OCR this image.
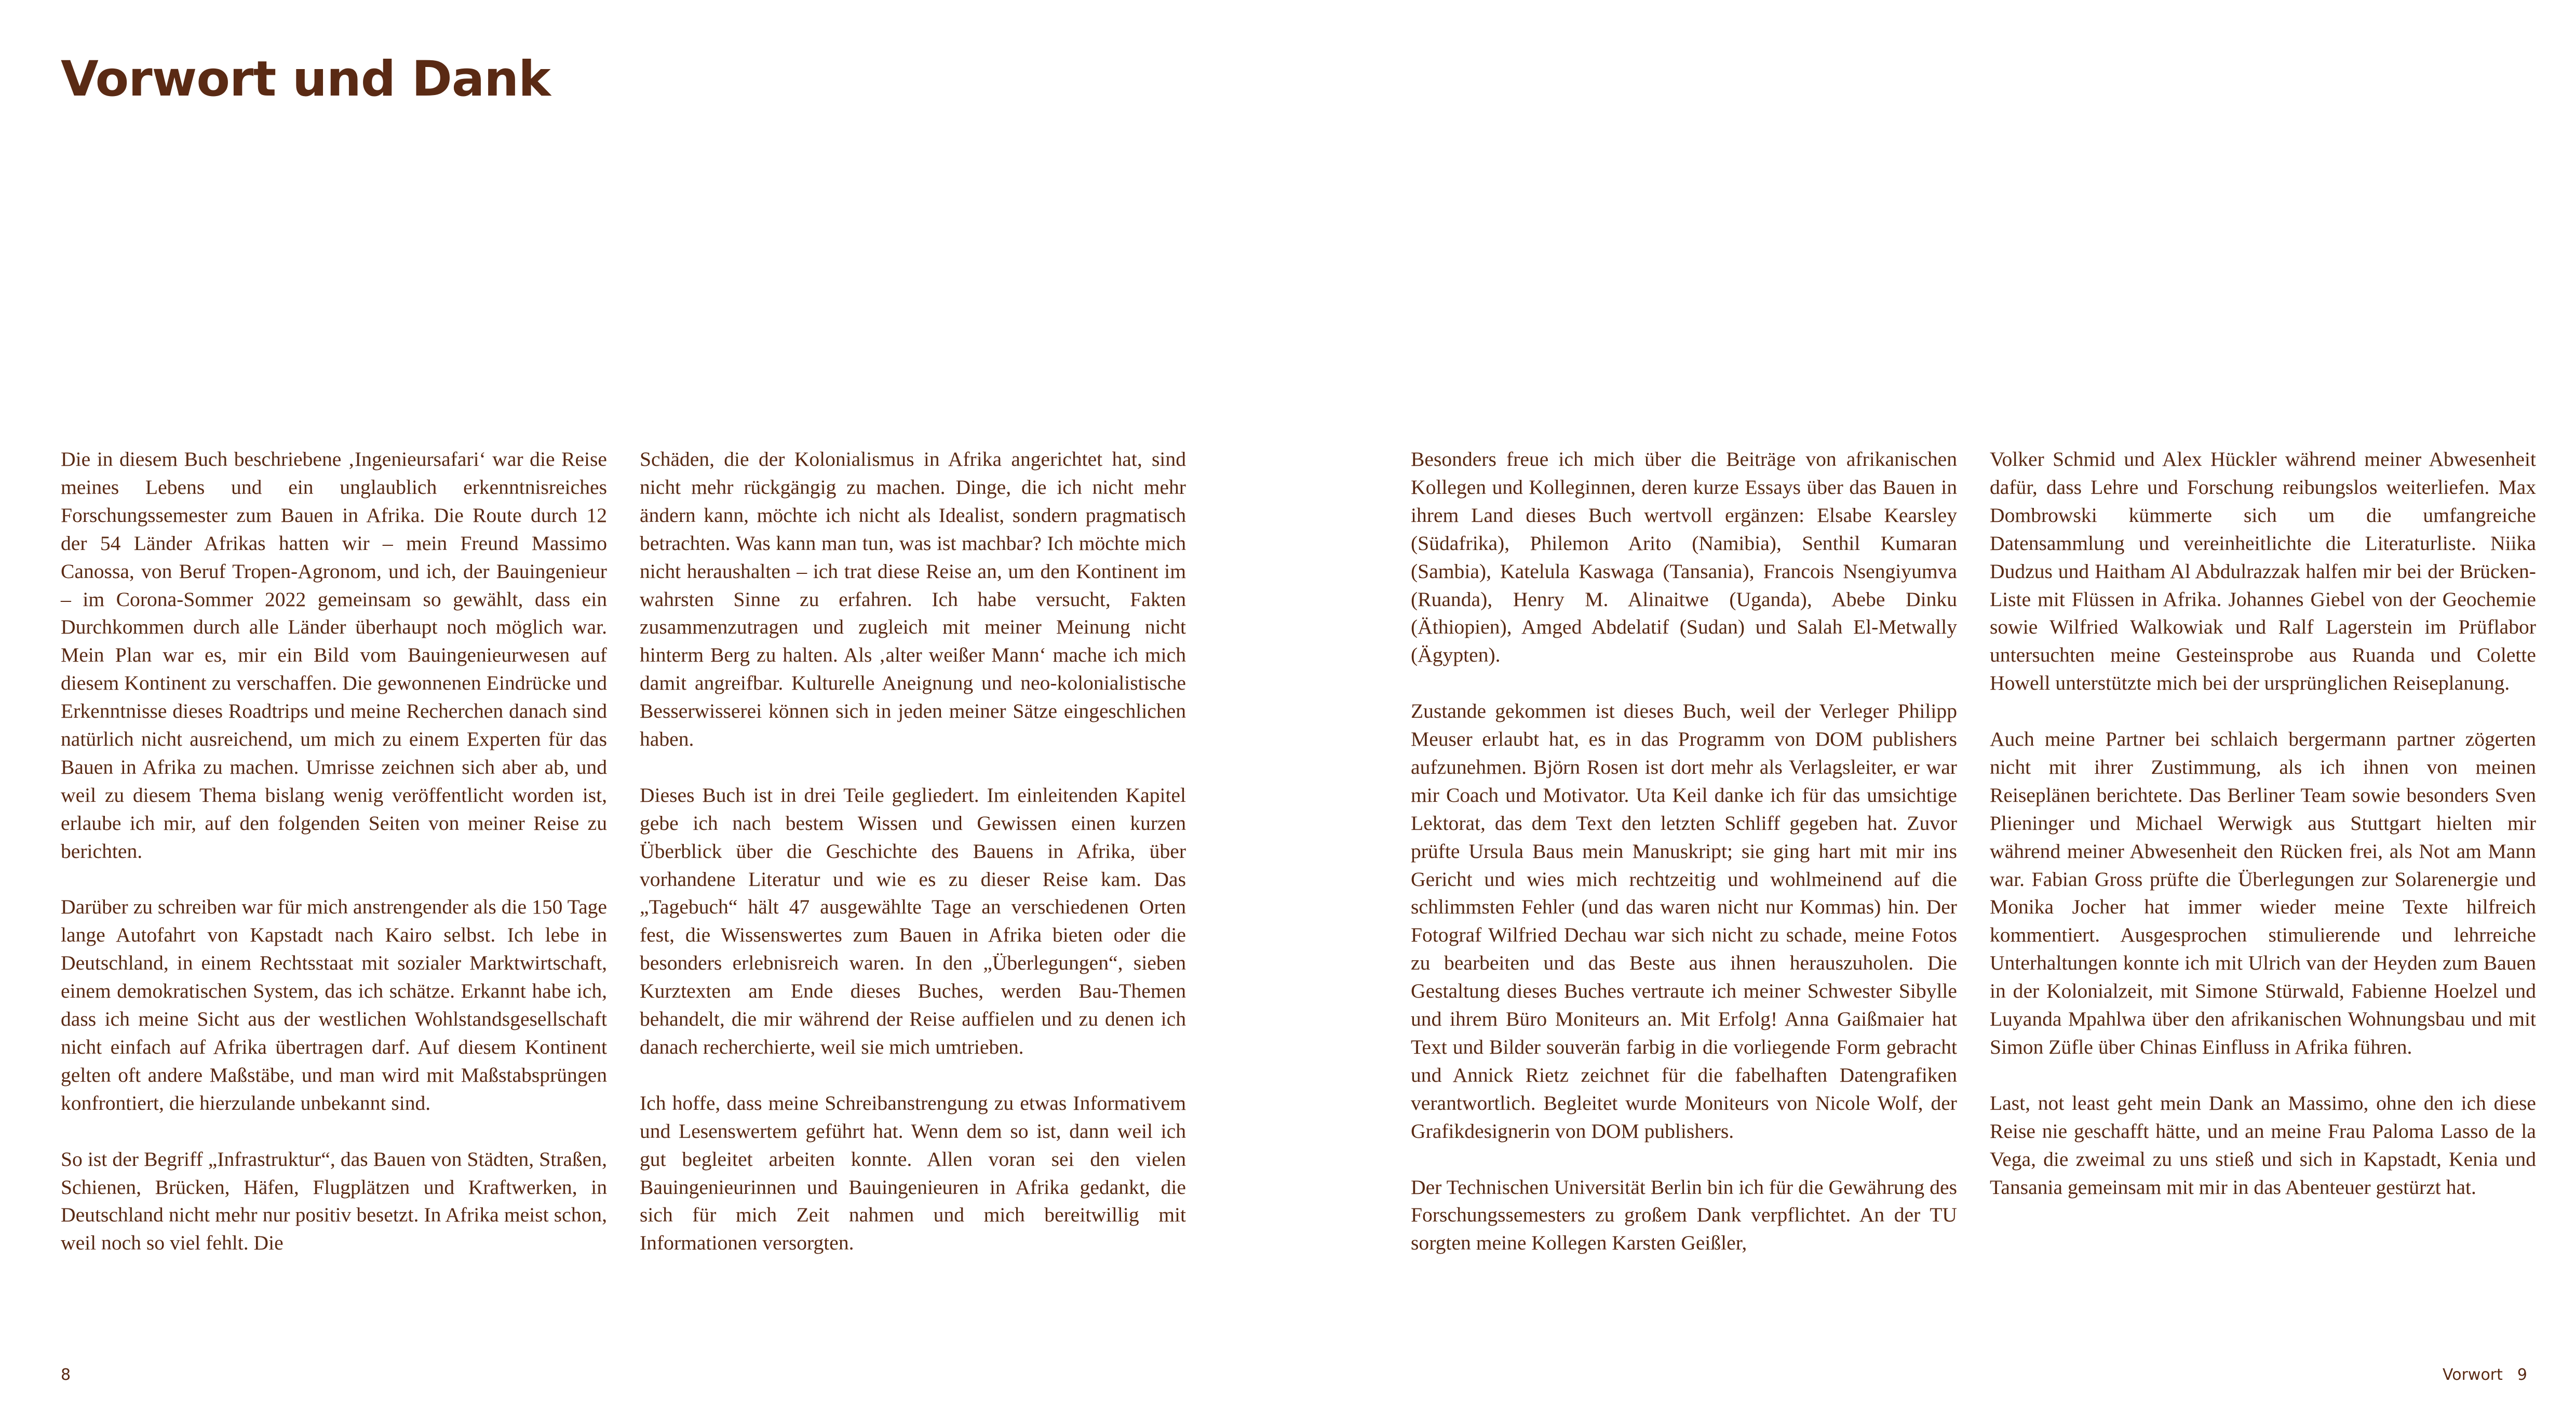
Vorwort und Dank

Die in diesem Buch beschriebene ‚Ingenieursafari‘ war die Reise meines Lebens und ein unglaublich erkenntnisreiches Forschungssemester zum Bauen in Afrika. Die Route durch 12 der 54 Länder Afrikas hatten wir – mein Freund Massimo Canossa, von Beruf Tropen-Agronom, und ich, der Bauingenieur – im Corona-Sommer 2022 gemeinsam so gewählt, dass ein Durchkommen durch alle Länder überhaupt noch möglich war. Mein Plan war es, mir ein Bild vom Bauingenieurwesen auf diesem Kontinent zu verschaffen. Die gewonnenen Eindrücke und Erkenntnisse dieses Roadtrips und meine Recherchen danach sind natürlich nicht ausreichend, um mich zu einem Experten für das Bauen in Afrika zu machen. Umrisse zeichnen sich aber ab, und weil zu diesem Thema bislang wenig veröffentlicht worden ist, erlaube ich mir, auf den folgenden Seiten von meiner Reise zu berichten.

Darüber zu schreiben war für mich anstrengender als die 150 Tage lange Autofahrt von Kapstadt nach Kairo selbst. Ich lebe in Deutschland, in einem Rechtsstaat mit sozialer Marktwirtschaft, einem demokratischen System, das ich schätze. Erkannt habe ich, dass ich meine Sicht aus der westlichen Wohlstandsgesellschaft nicht einfach auf Afrika übertragen darf. Auf diesem Kontinent gelten oft andere Maßstäbe, und man wird mit Maßstabsprüngen konfrontiert, die hierzulande unbekannt sind.

So ist der Begriff „Infrastruktur“, das Bauen von Städten, Straßen, Schienen, Brücken, Häfen, Flugplätzen und Kraftwerken, in Deutschland nicht mehr nur positiv besetzt. In Afrika meist schon, weil noch so viel fehlt. Die

Schäden, die der Kolonialismus in Afrika angerichtet hat, sind nicht mehr rückgängig zu machen. Dinge, die ich nicht mehr ändern kann, möchte ich nicht als Idealist, sondern pragmatisch betrachten. Was kann man tun, was ist machbar? Ich möchte mich nicht heraushalten – ich trat diese Reise an, um den Kontinent im wahrsten Sinne zu erfahren. Ich habe versucht, Fakten zusammenzutragen und zugleich mit meiner Meinung nicht hinterm Berg zu halten. Als ‚alter weißer Mann‘ mache ich mich damit angreifbar. Kulturelle Aneignung und neo-kolonialistische Besserwisserei können sich in jeden meiner Sätze eingeschlichen haben.

Dieses Buch ist in drei Teile gegliedert. Im einleitenden Kapitel gebe ich nach bestem Wissen und Gewissen einen kurzen Überblick über die Geschichte des Bauens in Afrika, über vorhandene Literatur und wie es zu dieser Reise kam. Das „Tagebuch“ hält 47 ausgewählte Tage an verschiedenen Orten fest, die Wissenswertes zum Bauen in Afrika bieten oder die besonders erlebnisreich waren. In den „Überlegungen“, sieben Kurztexten am Ende dieses Buches, werden Bau-Themen behandelt, die mir während der Reise auffielen und zu denen ich danach recherchierte, weil sie mich umtrieben.

Ich hoffe, dass meine Schreibanstrengung zu etwas Informativem und Lesenswertem geführt hat. Wenn dem so ist, dann weil ich gut begleitet arbeiten konnte. Allen voran sei den vielen Bauingenieurinnen und Bauingenieuren in Afrika gedankt, die sich für mich Zeit nahmen und mich bereitwillig mit Informationen versorgten.

Besonders freue ich mich über die Beiträge von afrikanischen Kollegen und Kolleginnen, deren kurze Essays über das Bauen in ihrem Land dieses Buch wertvoll ergänzen: Elsabe Kearsley (Südafrika), Philemon Arito (Namibia), Senthil Kumaran (Sambia), Katelula Kaswaga (Tansania), Francois Nsengiyumva (Ruanda), Henry M. Alinaitwe (Uganda), Abebe Dinku (Äthiopien), Amged Abdelatif (Sudan) und Salah El-Metwally (Ägypten).

Zustande gekommen ist dieses Buch, weil der Verleger Philipp Meuser erlaubt hat, es in das Programm von DOM publishers aufzunehmen. Björn Rosen ist dort mehr als Verlagsleiter, er war mir Coach und Motivator. Uta Keil danke ich für das umsichtige Lektorat, das dem Text den letzten Schliff gegeben hat. Zuvor prüfte Ursula Baus mein Manuskript; sie ging hart mit mir ins Gericht und wies mich rechtzeitig und wohlmeinend auf die schlimmsten Fehler (und das waren nicht nur Kommas) hin. Der Fotograf Wilfried Dechau war sich nicht zu schade, meine Fotos zu bearbeiten und das Beste aus ihnen herauszuholen. Die Gestaltung dieses Buches vertraute ich meiner Schwester Sibylle und ihrem Büro Moniteurs an. Mit Erfolg! Anna Gaißmaier hat Text und Bilder souverän farbig in die vorliegende Form gebracht und Annick Rietz zeichnet für die fabelhaften Datengrafiken verantwortlich. Begleitet wurde Moniteurs von Nicole Wolf, der Grafikdesignerin von DOM publishers.

Der Technischen Universität Berlin bin ich für die Gewährung des Forschungssemesters zu großem Dank verpflichtet. An der TU sorgten meine Kollegen Karsten Geißler,

Volker Schmid und Alex Hückler während meiner Abwesenheit dafür, dass Lehre und Forschung reibungslos weiterliefen. Max Dombrowski kümmerte sich um die umfangreiche Datensammlung und vereinheitlichte die Literaturliste. Niika Dudzus und Haitham Al Abdulrazzak halfen mir bei der Brücken-Liste mit Flüssen in Afrika. Johannes Giebel von der Geochemie sowie Wilfried Walkowiak und Ralf Lagerstein im Prüflabor untersuchten meine Gesteinsprobe aus Ruanda und Colette Howell unterstützte mich bei der ursprünglichen Reiseplanung.

Auch meine Partner bei schlaich bergermann partner zögerten nicht mit ihrer Zustimmung, als ich ihnen von meinen Reiseplänen berichtete. Das Berliner Team sowie besonders Sven Plieninger und Michael Werwigk aus Stuttgart hielten mir während meiner Abwesenheit den Rücken frei, als Not am Mann war. Fabian Gross prüfte die Überlegungen zur Solarenergie und Monika Jocher hat immer wieder meine Texte hilfreich kommentiert. Ausgesprochen stimulierende und lehrreiche Unterhaltungen konnte ich mit Ulrich van der Heyden zum Bauen in der Kolonialzeit, mit Simone Stürwald, Fabienne Hoelzel und Luyanda Mpahlwa über den afrikanischen Wohnungsbau und mit Simon Züfle über Chinas Einfluss in Afrika führen.

Last, not least geht mein Dank an Massimo, ohne den ich diese Reise nie geschafft hätte, und an meine Frau Paloma Lasso de la Vega, die zweimal zu uns stieß und sich in Kapstadt, Kenia und Tansania gemeinsam mit mir in das Abenteuer gestürzt hat.

8	Vorwort 9
